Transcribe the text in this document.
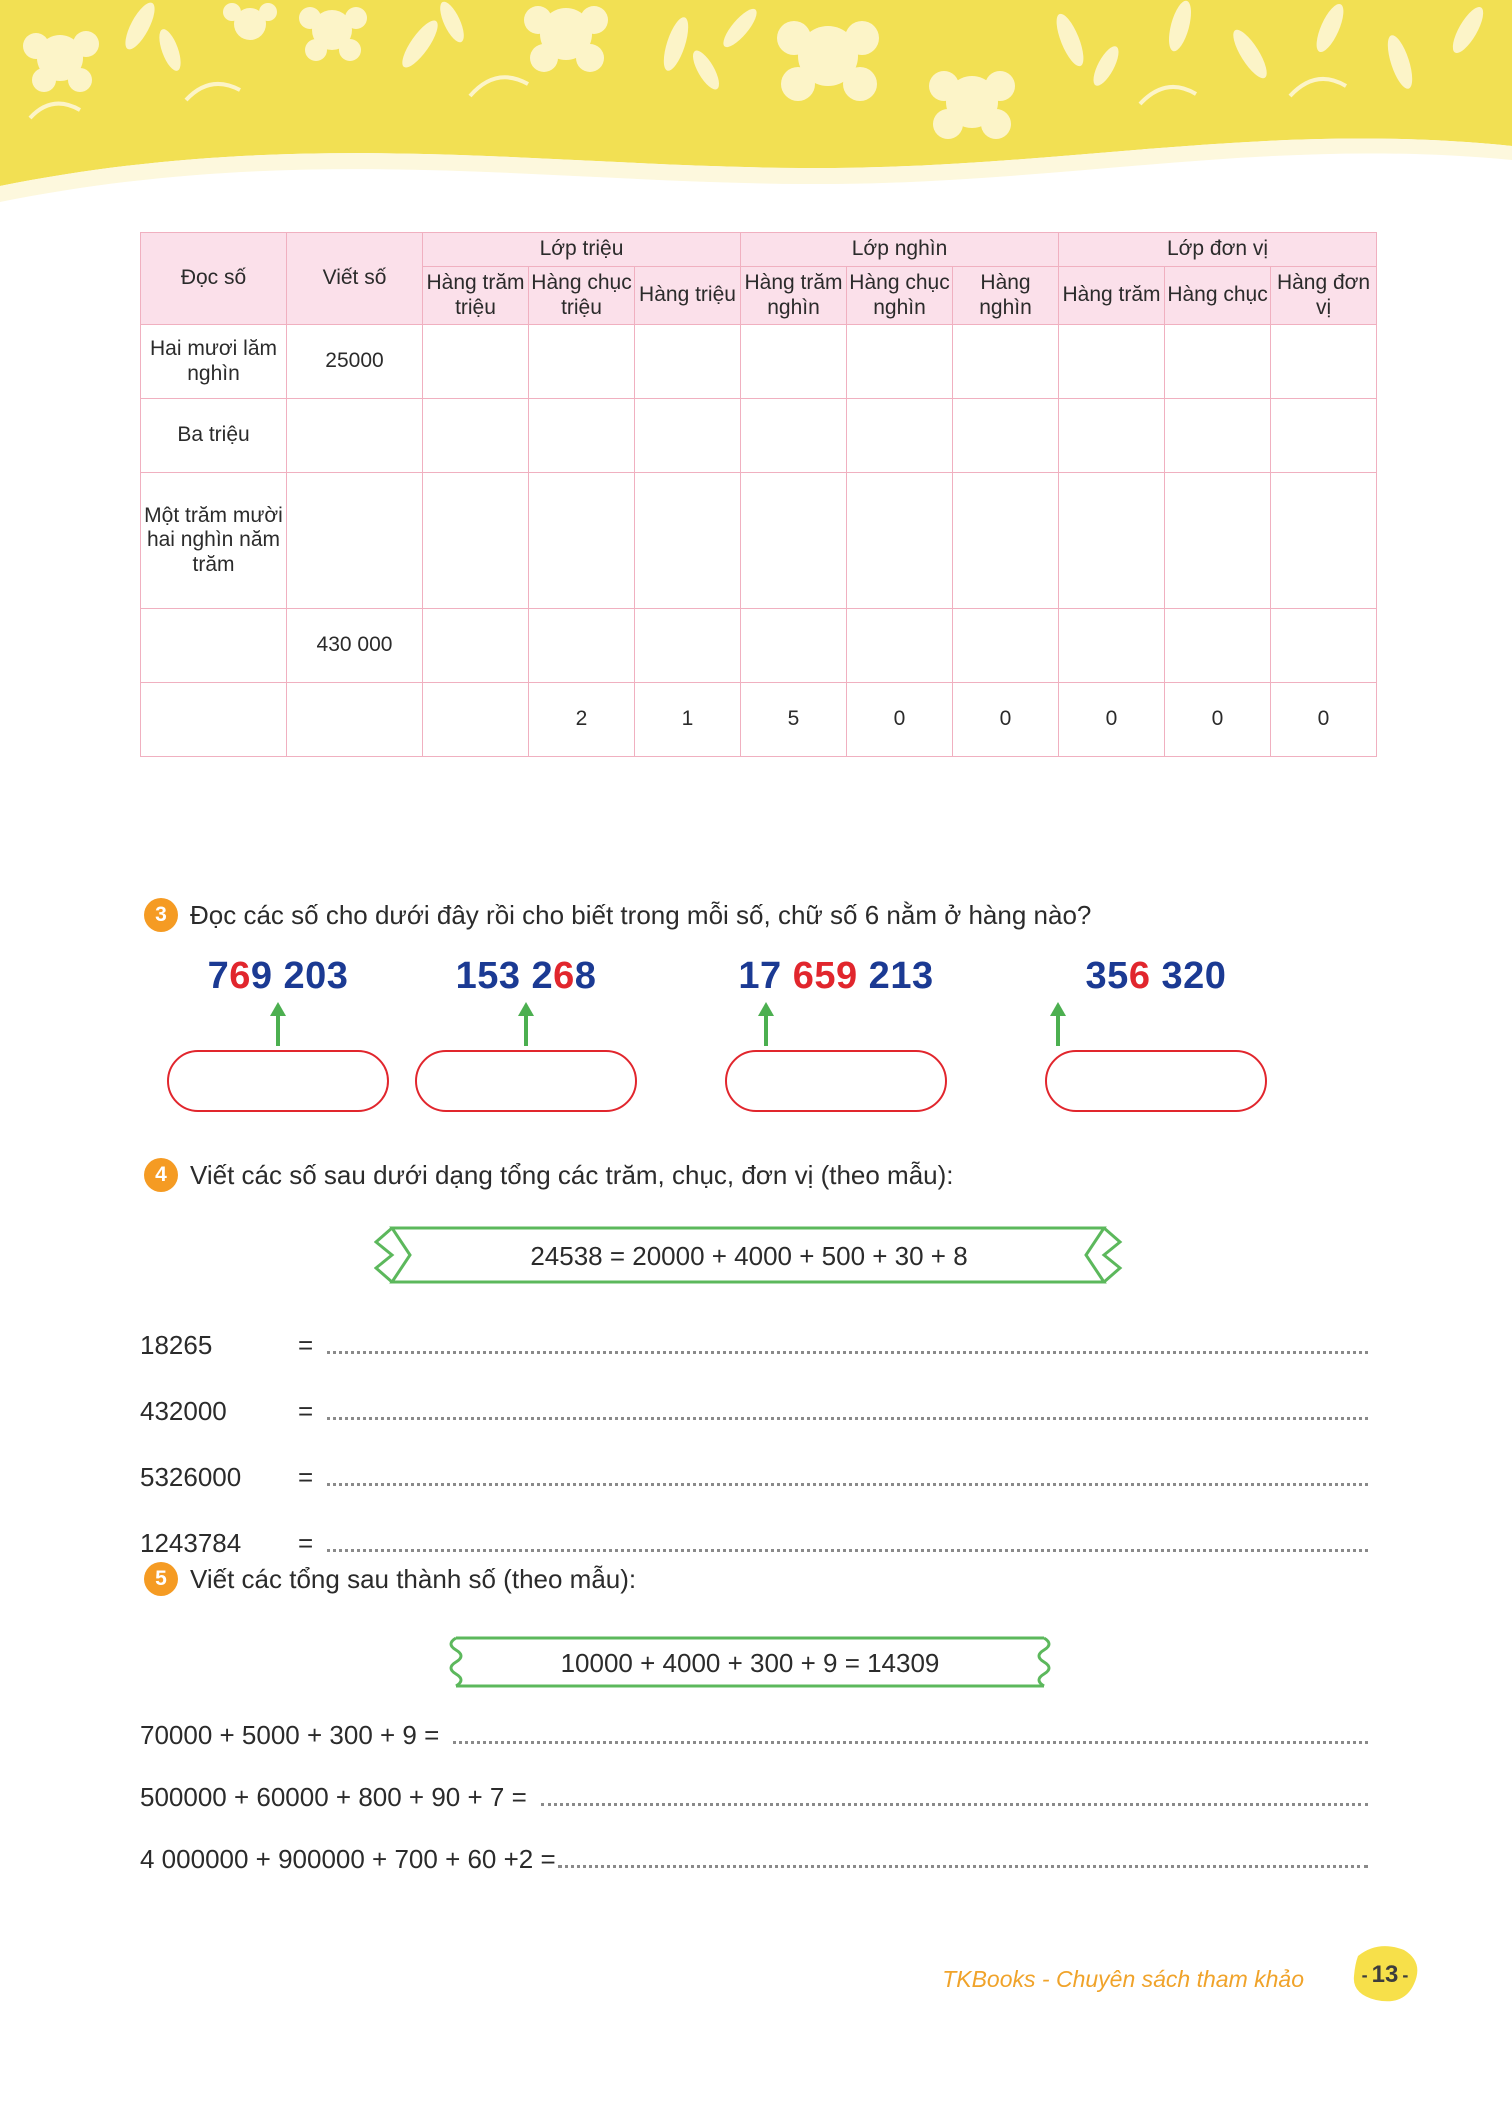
Đọc số	Viết số	Lớp triệu			Lớp nghìn			Lớp đơn vị		
		Hàng trăm triệu	Hàng chục triệu	Hàng triệu	Hàng trăm nghìn	Hàng chục nghìn	Hàng nghìn	Hàng trăm	Hàng chục	Hàng đơn vị
Hai mươi lăm nghìn	25000									
Ba triệu										
Một trăm mười hai nghìn năm trăm										
	430 000									
			2	1	5	0	0	0	0	0
3 Đọc các số cho dưới đây rồi cho biết trong mỗi số, chữ số 6 nằm ở hàng nào?
769 203	153 268	17 659 213	356 320
4 Viết các số sau dưới dạng tổng các trăm, chục, đơn vị (theo mẫu):
24538 = 20000 + 4000 + 500 + 30 + 8
18265	=
432000	=
5326000	=
1243784	=
5 Viết các tổng sau thành số (theo mẫu):
10000 + 4000 + 300 + 9 = 14309
70000 + 5000 + 300 + 9 =
500000 + 60000 + 800 + 90 + 7 =
4 000000 + 900000 + 700 + 60 +2 =
TKBooks - Chuyên sách tham khảo	- 13 -
